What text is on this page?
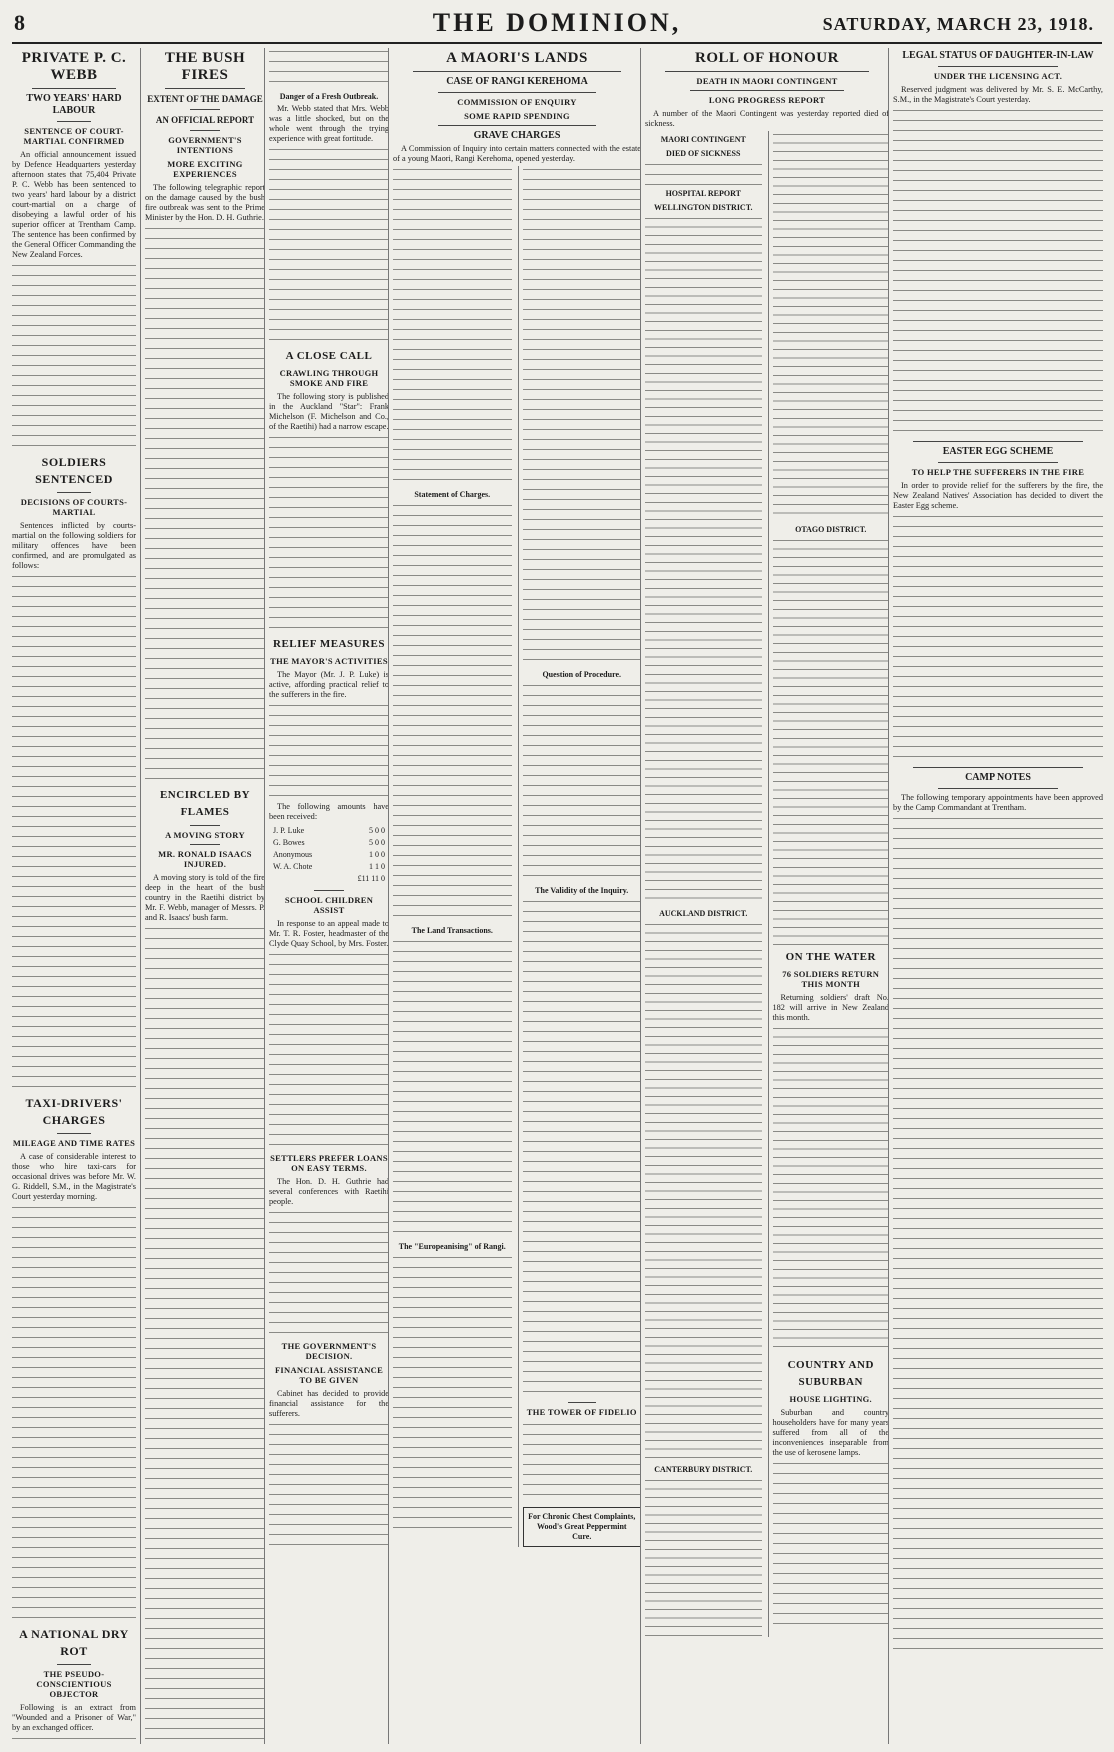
8	THE DOMINION,	SATURDAY, MARCH 23, 1918.
PRIVATE P. C. WEBB
TWO YEARS' HARD LABOUR
SENTENCE OF COURT-MARTIAL CONFIRMED

An official announcement issued by Defence Headquarters yesterday afternoon states that 75,404 Private P. C. Webb has been sentenced to two years' hard labour by a district court-martial on a charge of disobeying a lawful order of his superior officer at Trentham Camp. The sentence has been confirmed by the General Officer Commanding the New Zealand Forces.

SOLDIERS SENTENCED
DECISIONS OF COURTS-MARTIAL

Sentences inflicted by courts-martial on the following soldiers for military offences have been confirmed, and are promulgated as follows:

TAXI-DRIVERS' CHARGES
MILEAGE AND TIME RATES

A case of considerable interest to those who hire taxi-cars for occasional drives was before Mr. W. G. Riddell, S.M., in the Magistrate's Court yesterday morning.

A NATIONAL DRY ROT
THE PSEUDO-CONSCIENTIOUS OBJECTOR

Following is an extract from "Wounded and a Prisoner of War," by an exchanged officer.

THE BUSH FIRES
EXTENT OF THE DAMAGE
AN OFFICIAL REPORT
GOVERNMENT'S INTENTIONS
MORE EXCITING EXPERIENCES

The following telegraphic report on the damage caused by the bush fire outbreak was sent to the Prime Minister by the Hon. D. H. Guthrie.

ENCIRCLED BY FLAMES
A MOVING STORY
MR. RONALD ISAACS INJURED.

A moving story is told of the fire deep in the heart of the bush country in the Raetihi district by Mr. F. Webb, manager of Messrs. P. and R. Isaacs' bush farm.

Danger of a Fresh Outbreak.

Mr. Webb stated that Mrs. Webb was a little shocked, but on the whole went through the trying experience with great fortitude.

A CLOSE CALL
CRAWLING THROUGH SMOKE AND FIRE

The following story is published in the Auckland "Star": Frank Michelson (F. Michelson and Co., of the Raetihi) had a narrow escape.

RELIEF MEASURES
THE MAYOR'S ACTIVITIES

The Mayor (Mr. J. P. Luke) is active, affording practical relief to the sufferers in the fire.

The following amounts have been received:

J. P. Luke	5 0 0
G. Bowes	5 0 0
Anonymous	1 0 0
W. A. Chote	1 1 0
	£11 11 0
SCHOOL CHILDREN ASSIST

In response to an appeal made to Mr. T. R. Foster, headmaster of the Clyde Quay School, by Mrs. Foster.

SETTLERS PREFER LOANS ON EASY TERMS.

The Hon. D. H. Guthrie had several conferences with Raetihi people.

THE GOVERNMENT'S DECISION.
FINANCIAL ASSISTANCE TO BE GIVEN

Cabinet has decided to provide financial assistance for the sufferers.

A MAORI'S LANDS
CASE OF RANGI KEREHOMA
COMMISSION OF ENQUIRY
SOME RAPID SPENDING
GRAVE CHARGES

A Commission of Inquiry into certain matters connected with the estate of a young Maori, Rangi Kerehoma, opened yesterday.

Statement of Charges.
The Land Transactions.
The "Europeanising" of Rangi.
Question of Procedure.
The Validity of the Inquiry.
THE TOWER OF FIDELIO
For Chronic Chest Complaints, Wood's Great Peppermint Cure.
ROLL OF HONOUR
DEATH IN MAORI CONTINGENT
LONG PROGRESS REPORT

A number of the Maori Contingent was yesterday reported died of sickness.

MAORI CONTINGENT
DIED OF SICKNESS
HOSPITAL REPORT
WELLINGTON DISTRICT.
AUCKLAND DISTRICT.
CANTERBURY DISTRICT.
OTAGO DISTRICT.
ON THE WATER
76 SOLDIERS RETURN THIS MONTH

Returning soldiers' draft No. 182 will arrive in New Zealand this month.

COUNTRY AND SUBURBAN
HOUSE LIGHTING.

Suburban and country householders have for many years suffered from all of the inconveniences inseparable from the use of kerosene lamps.

LEGAL STATUS OF DAUGHTER-IN-LAW
UNDER THE LICENSING ACT.

Reserved judgment was delivered by Mr. S. E. McCarthy, S.M., in the Magistrate's Court yesterday.

EASTER EGG SCHEME
TO HELP THE SUFFERERS IN THE FIRE

In order to provide relief for the sufferers by the fire, the New Zealand Natives' Association has decided to divert the Easter Egg scheme.

CAMP NOTES

The following temporary appointments have been approved by the Camp Commandant at Trentham.
